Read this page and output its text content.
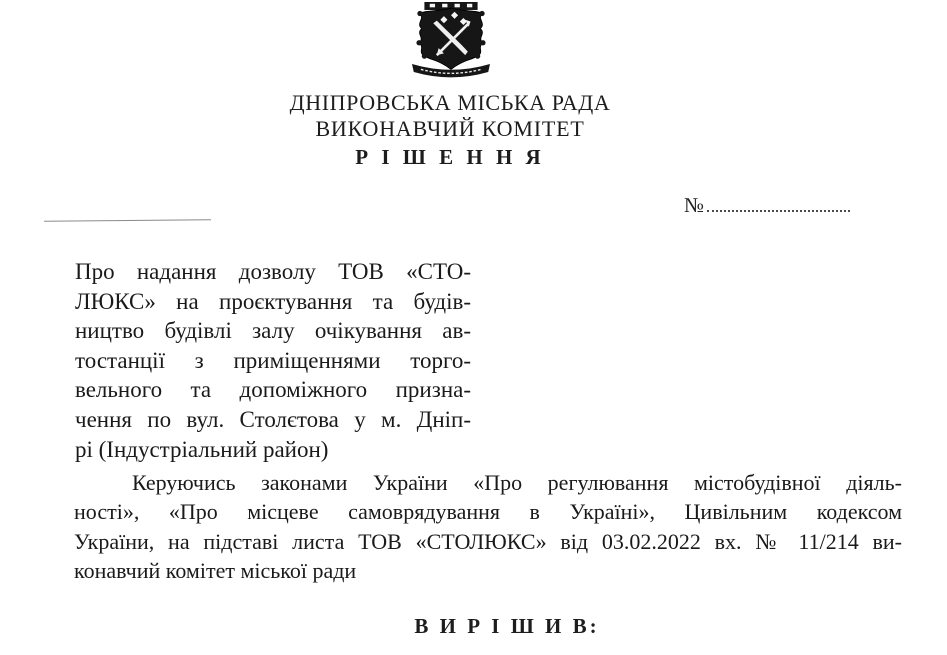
ДНІПРОВСЬКА МІСЬКА РАДА
ВИКОНАВЧИЙ КОМІТЕТ
Р І Ш Е Н Н Я
№
Про надання дозволу ТОВ «СТО-
ЛЮКС» на проєктування та будів-
ництво будівлі залу очікування ав-
тостанції з приміщеннями торго-
вельного та допоміжного призна-
чення по вул. Столєтова у м. Дніп-
рі (Індустріальний район)
Керуючись законами України «Про регулювання містобудівної діяль-
ності», «Про місцеве самоврядування в Україні», Цивільним кодексом
України, на підставі листа ТОВ «СТОЛЮКС» від 03.02.2022 вх. № 11/214 ви-
конавчий комітет міської ради
В И Р І Ш И В:
